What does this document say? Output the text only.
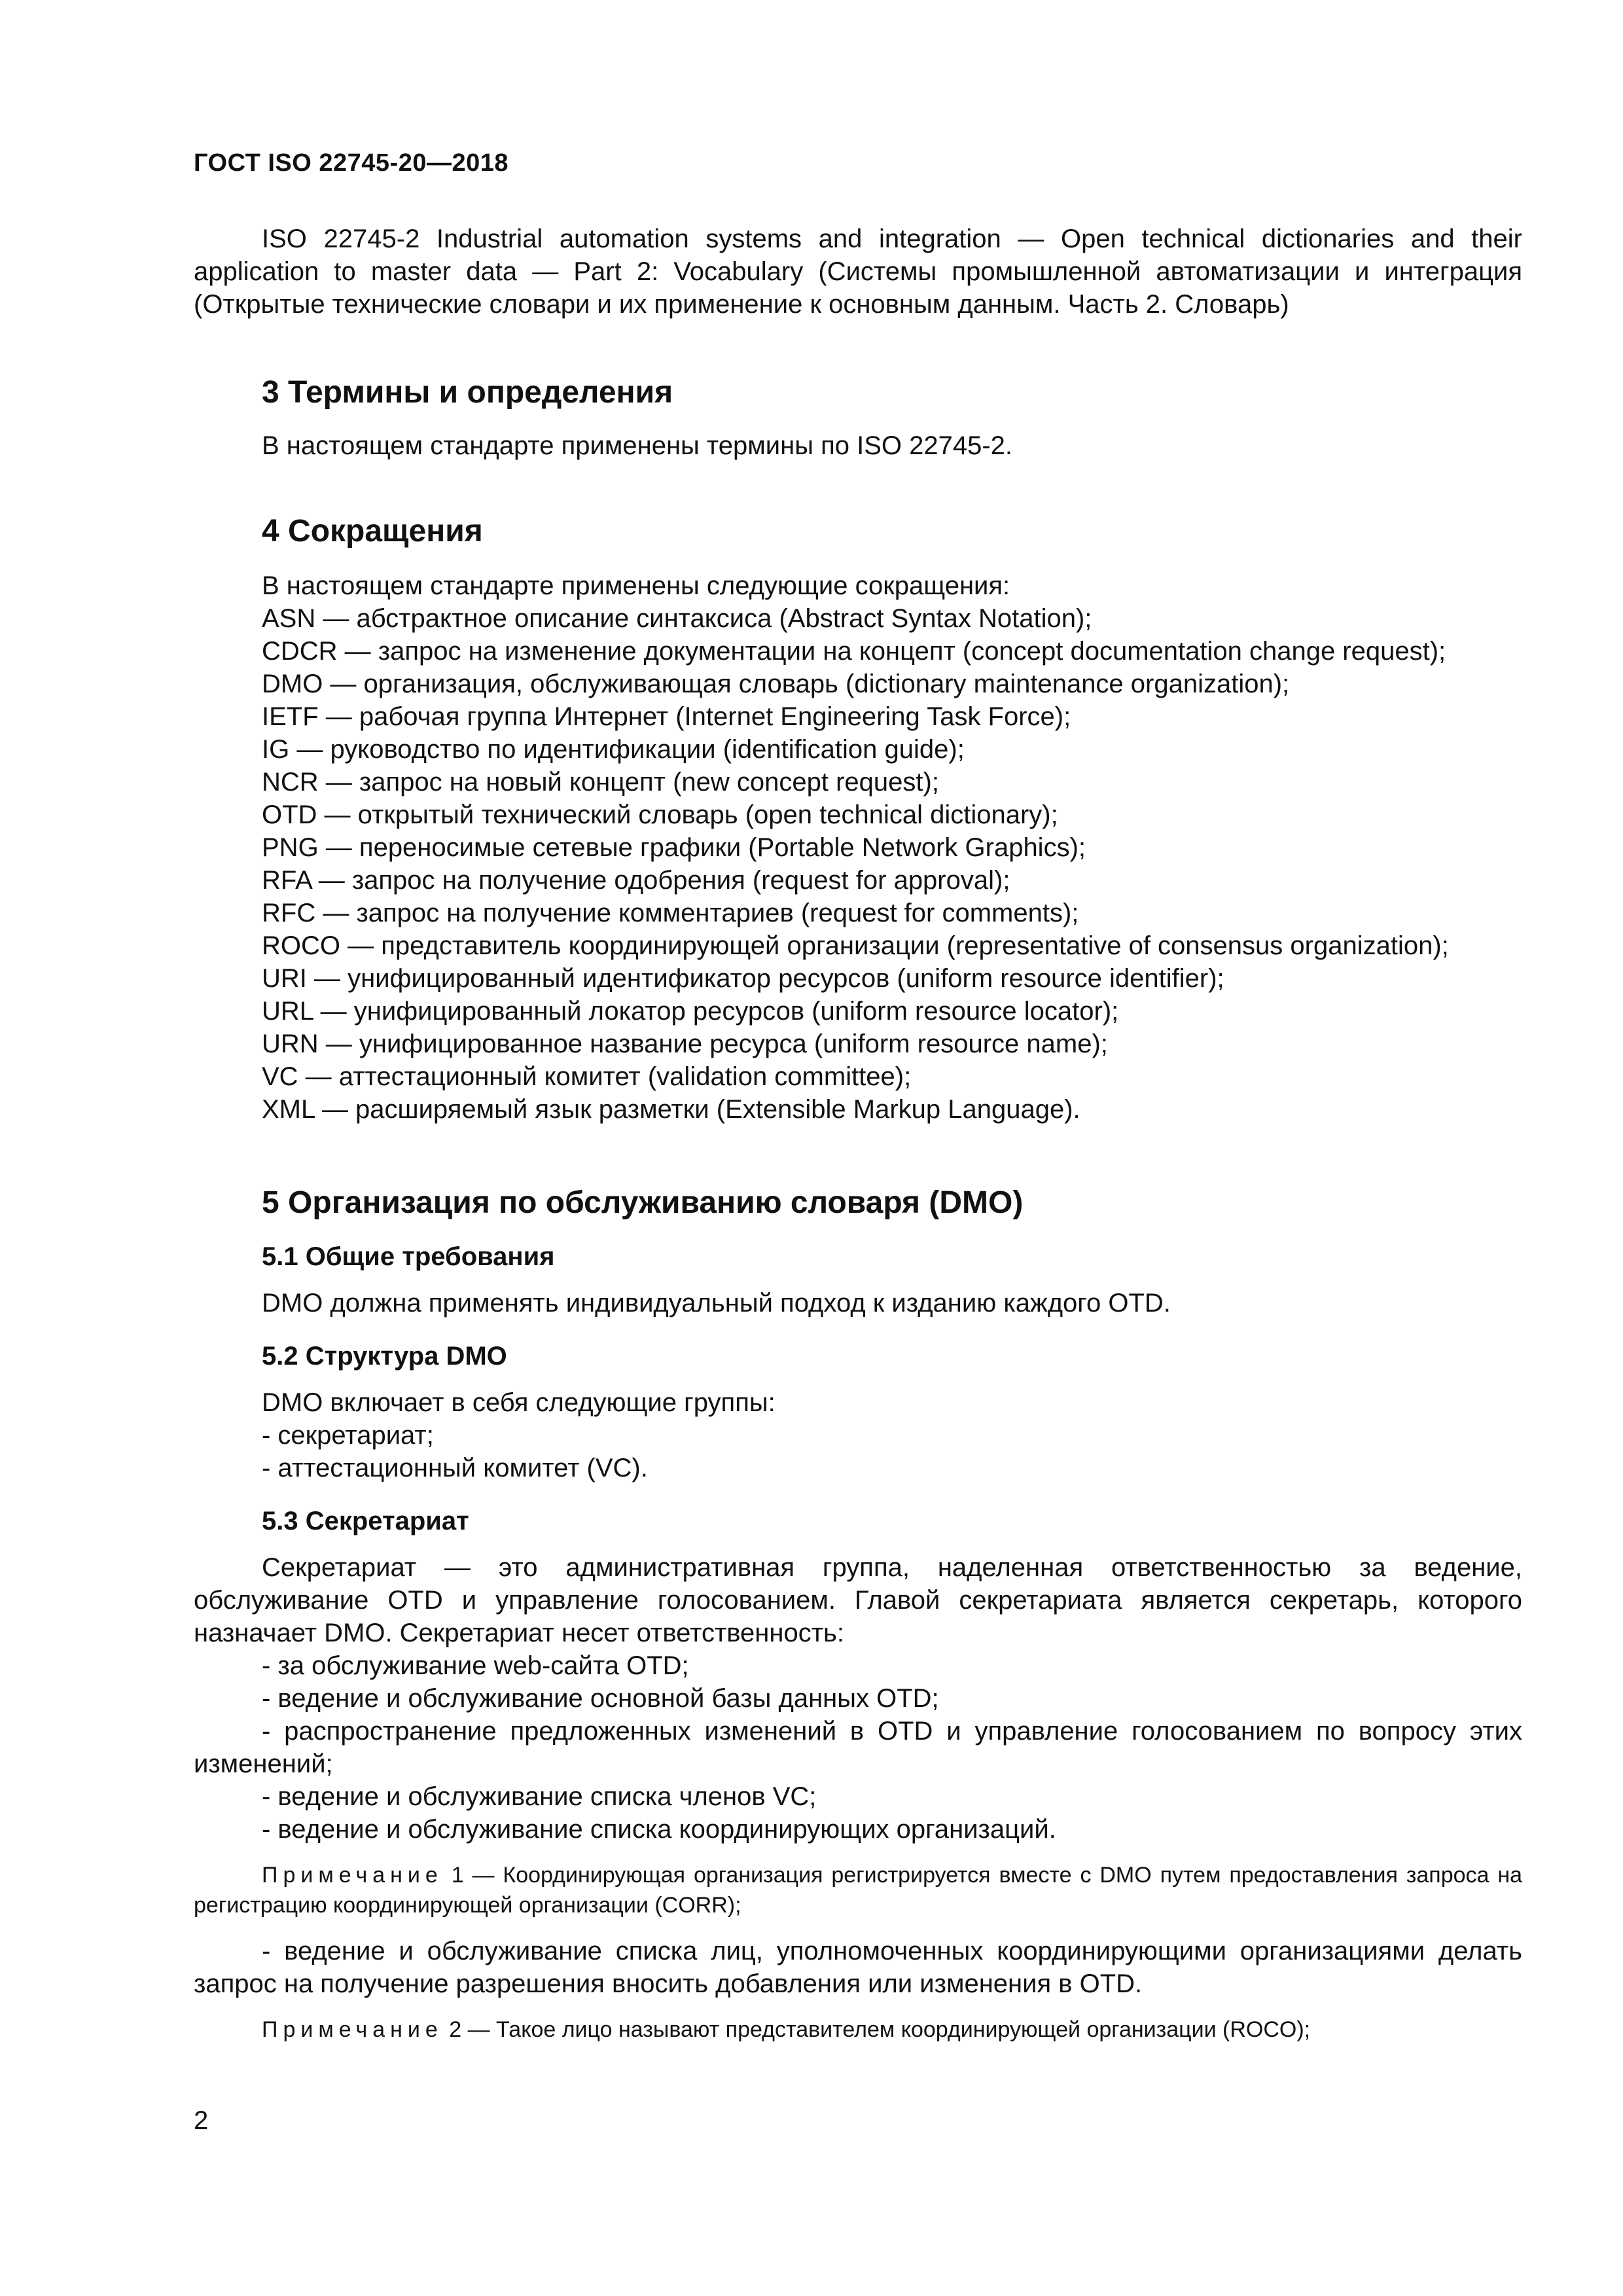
ГОСТ ISO 22745-20—2018

ISO 22745-2 Industrial automation systems and integration — Open technical dictionaries and their application to master data — Part 2: Vocabulary (Системы промышленной автоматизации и интеграция (Открытые технические словари и их применение к основным данным. Часть 2. Словарь)

3 Термины и определения

В настоящем стандарте применены термины по ISO 22745-2.

4 Сокращения

В настоящем стандарте применены следующие сокращения:

ASN — абстрактное описание синтаксиса (Abstract Syntax Notation);

CDCR — запрос на изменение документации на концепт (concept documentation change request);

DMO — организация, обслуживающая словарь (dictionary maintenance organization);

IETF — рабочая группа Интернет (Internet Engineering Task Force);

IG — руководство по идентификации (identification guide);

NCR — запрос на новый концепт (new concept request);

OTD — открытый технический словарь (open technical dictionary);

PNG — переносимые сетевые графики (Portable Network Graphics);

RFA — запрос на получение одобрения (request for approval);

RFC — запрос на получение комментариев (request for comments);

ROCO — представитель координирующей организации (representative of consensus organization);

URI — унифицированный идентификатор ресурсов (uniform resource identifier);

URL — унифицированный локатор ресурсов (uniform resource locator);

URN — унифицированное название ресурса (uniform resource name);

VC — аттестационный комитет (validation committee);

XML — расширяемый язык разметки (Extensible Markup Language).

5 Организация по обслуживанию словаря (DMO)

5.1 Общие требования

DMO должна применять индивидуальный подход к изданию каждого OTD.

5.2 Структура DMO

DMO включает в себя следующие группы:

- секретариат;

- аттестационный комитет (VC).

5.3 Секретариат

Секретариат — это административная группа, наделенная ответственностью за ведение, обслуживание OTD и управление голосованием. Главой секретариата является секретарь, которого назначает DMO. Секретариат несет ответственность:

- за обслуживание web-сайта OTD;

- ведение и обслуживание основной базы данных OTD;

- распространение предложенных изменений в OTD и управление голосованием по вопросу этих изменений;

- ведение и обслуживание списка членов VC;

- ведение и обслуживание списка координирующих организаций.

Примечание 1 — Координирующая организация регистрируется вместе с DMO путем предоставления запроса на регистрацию координирующей организации (CORR);

- ведение и обслуживание списка лиц, уполномоченных координирующими организациями делать запрос на получение разрешения вносить добавления или изменения в OTD.

Примечание 2 — Такое лицо называют представителем координирующей организации (ROCO);

2
